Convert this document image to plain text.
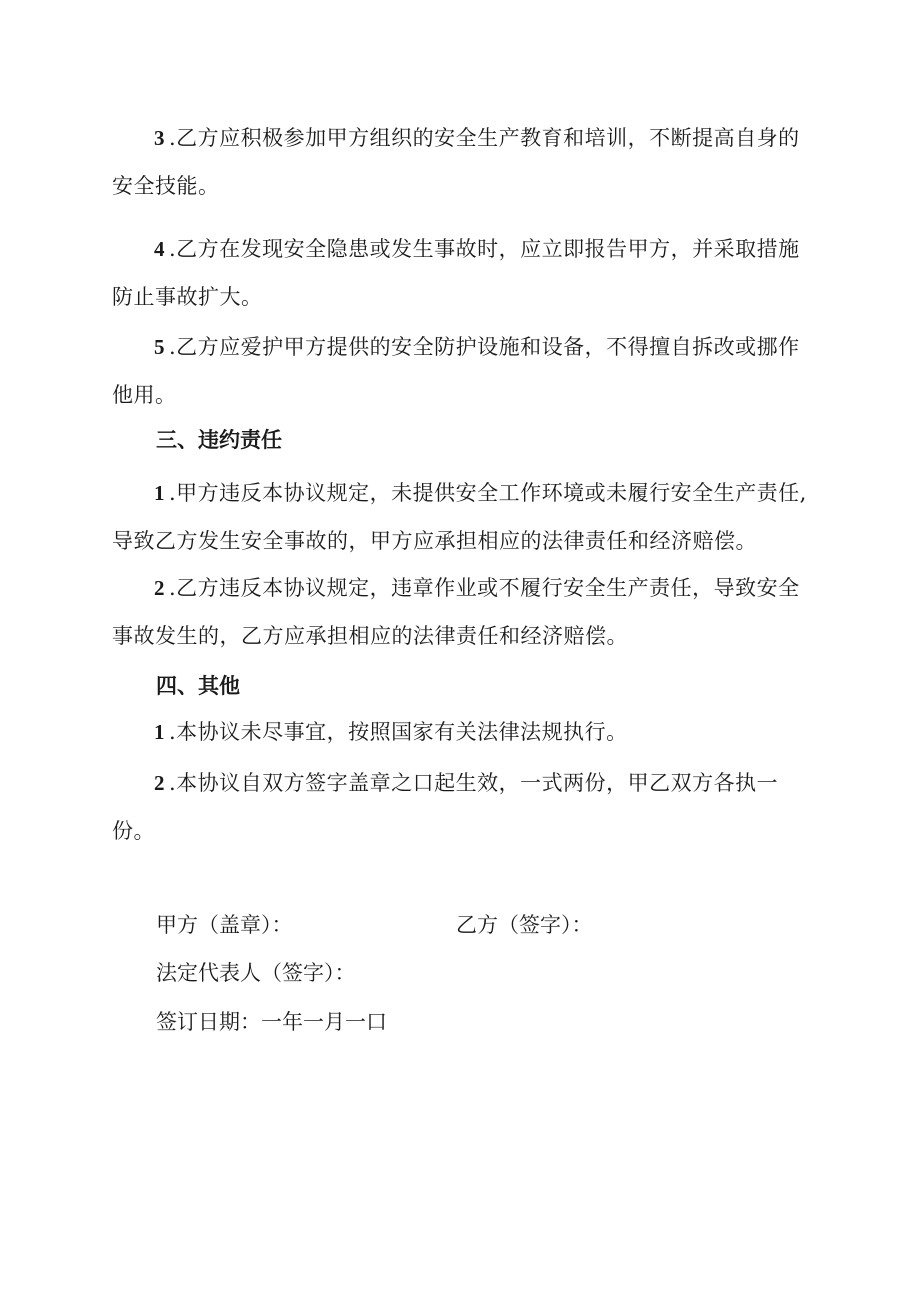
3 .乙方应积极参加甲方组织的安全生产教育和培训，不断提高自身的安全技能。

4 .乙方在发现安全隐患或发生事故时，应立即报告甲方，并采取措施防止事故扩大。

5 .乙方应爱护甲方提供的安全防护设施和设备，不得擅自拆改或挪作他用。

三、违约责任

1 .甲方违反本协议规定，未提供安全工作环境或未履行安全生产责任, 导致乙方发生安全事故的，甲方应承担相应的法律责任和经济赔偿。

2 .乙方违反本协议规定，违章作业或不履行安全生产责任，导致安全事故发生的，乙方应承担相应的法律责任和经济赔偿。

四、其他

1 .本协议未尽事宜，按照国家有关法律法规执行。

2 .本协议自双方签字盖章之口起生效，一式两份，甲乙双方各执一份。

甲方（盖章）：	乙方（签字）：

法定代表人（签字）：

签订日期：一年一月一口
